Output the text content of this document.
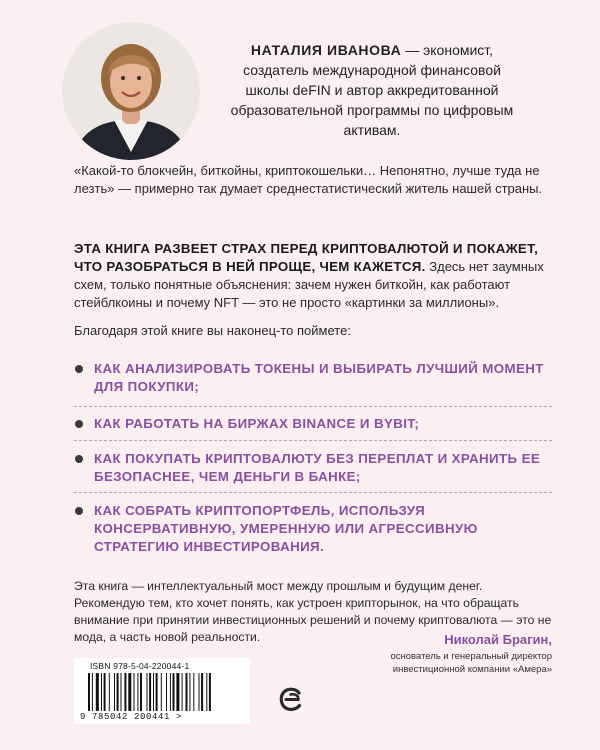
НАТАЛИЯ ИВАНОВА — экономист, создатель международной финансовой школы deFIN и автор аккредитованной образовательной программы по цифровым активам.

«Какой-то блокчейн, биткойны, криптокошельки… Непонятно, лучше туда не лезть» — примерно так думает среднестатистический житель нашей страны.

ЭТА КНИГА РАЗВЕЕТ СТРАХ ПЕРЕД КРИПТОВАЛЮТОЙ И ПОКАЖЕТ, ЧТО РАЗОБРАТЬСЯ В НЕЙ ПРОЩЕ, ЧЕМ КАЖЕТСЯ. Здесь нет заумных схем, только понятные объяснения: зачем нужен биткойн, как работают стейблкоины и почему NFT — это не просто «картинки за миллионы».

Благодаря этой книге вы наконец-то поймете:

КАК АНАЛИЗИРОВАТЬ ТОКЕНЫ И ВЫБИРАТЬ ЛУЧШИЙ МОМЕНТ ДЛЯ ПОКУПКИ;

КАК РАБОТАТЬ НА БИРЖАХ BINANCE И BYBIT;

КАК ПОКУПАТЬ КРИПТОВАЛЮТУ БЕЗ ПЕРЕПЛАТ И ХРАНИТЬ ЕЕ БЕЗОПАСНЕЕ, ЧЕМ ДЕНЬГИ В БАНКЕ;

КАК СОБРАТЬ КРИПТОПОРТФЕЛЬ, ИСПОЛЬЗУЯ КОНСЕРВАТИВНУЮ, УМЕРЕННУЮ ИЛИ АГРЕССИВНУЮ СТРАТЕГИЮ ИНВЕСТИРОВАНИЯ.

Эта книга — интеллектуальный мост между прошлым и будущим денег. Рекомендую тем, кто хочет понять, как устроен крипторынок, на что обращать внимание при принятии инвестиционных решений и почему криптовалюта — это не мода, а часть новой реальности.	Николай Брагин,
основатель и генеральный директор
инвестиционной компании «Амера»
ISBN 978-5-04-220044-1
9 785042 200441 >
